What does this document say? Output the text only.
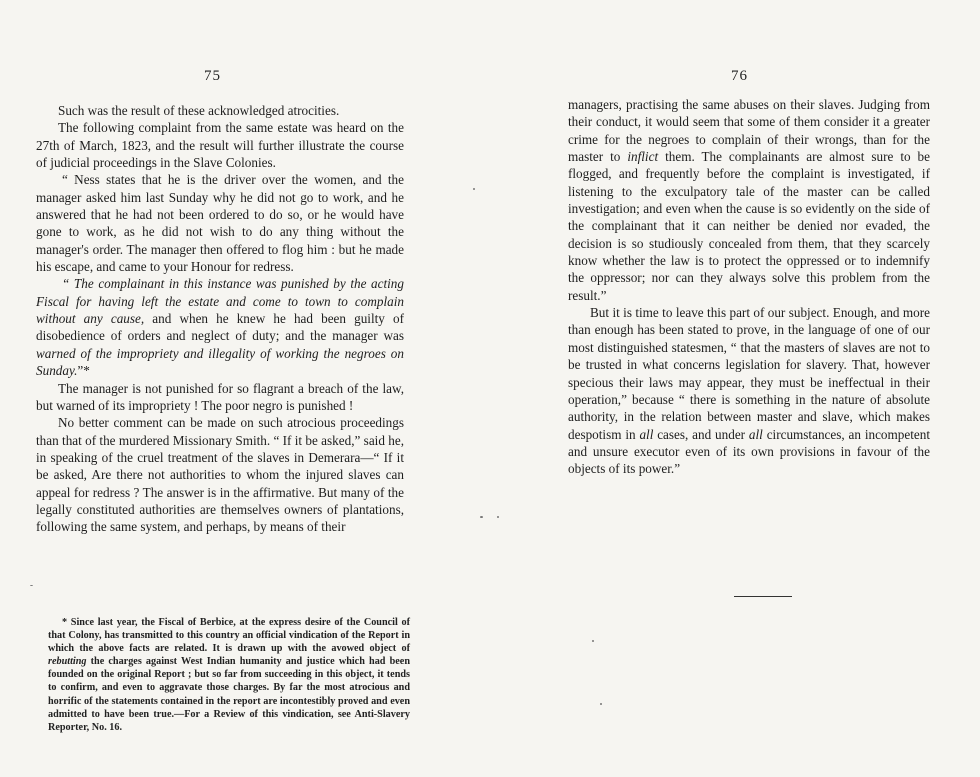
75

Such was the result of these acknowledged atrocities.

The following complaint from the same estate was heard on the 27th of March, 1823, and the result will further illustrate the course of judicial proceedings in the Slave Colonies.

“ Ness states that he is the driver over the women, and the manager asked him last Sunday why he did not go to work, and he answered that he had not been ordered to do so, or he would have gone to work, as he did not wish to do any thing without the manager's order. The manager then offered to flog him : but he made his escape, and came to your Honour for redress.

“ The complainant in this instance was punished by the acting Fiscal for having left the estate and come to town to complain without any cause, and when he knew he had been guilty of disobedience of orders and neglect of duty; and the manager was warned of the impropriety and illegality of working the negroes on Sunday.”*

The manager is not punished for so flagrant a breach of the law, but warned of its impropriety ! The poor negro is punished !

No better comment can be made on such atrocious proceedings than that of the murdered Missionary Smith. “ If it be asked,” said he, in speaking of the cruel treatment of the slaves in Demerara—“ If it be asked, Are there not authorities to whom the injured slaves can appeal for redress ? The answer is in the affirmative. But many of the legally constituted authorities are themselves owners of plantations, following the same system, and perhaps, by means of their

* Since last year, the Fiscal of Berbice, at the express desire of the Council of that Colony, has transmitted to this country an official vindication of the Report in which the above facts are related. It is drawn up with the avowed object of rebutting the charges against West Indian humanity and justice which had been founded on the original Report ; but so far from succeeding in this object, it tends to confirm, and even to aggravate those charges. By far the most atrocious and horrific of the statements contained in the report are incontestibly proved and even admitted to have been true.—For a Review of this vindication, see Anti-Slavery Reporter, No. 16.

76

managers, practising the same abuses on their slaves. Judging from their conduct, it would seem that some of them consider it a greater crime for the negroes to complain of their wrongs, than for the master to inflict them. The complainants are almost sure to be flogged, and frequently before the complaint is investigated, if listening to the exculpatory tale of the master can be called investigation; and even when the cause is so evidently on the side of the complainant that it can neither be denied nor evaded, the decision is so studiously concealed from them, that they scarcely know whether the law is to protect the oppressed or to indemnify the oppressor; nor can they always solve this problem from the result.”

But it is time to leave this part of our subject. Enough, and more than enough has been stated to prove, in the language of one of our most distinguished statesmen, “ that the masters of slaves are not to be trusted in what concerns legislation for slavery. That, however specious their laws may appear, they must be ineffectual in their operation,” because “ there is something in the nature of absolute authority, in the relation between master and slave, which makes despotism in all cases, and under all circumstances, an incompetent and unsure executor even of its own provisions in favour of the objects of its power.”
